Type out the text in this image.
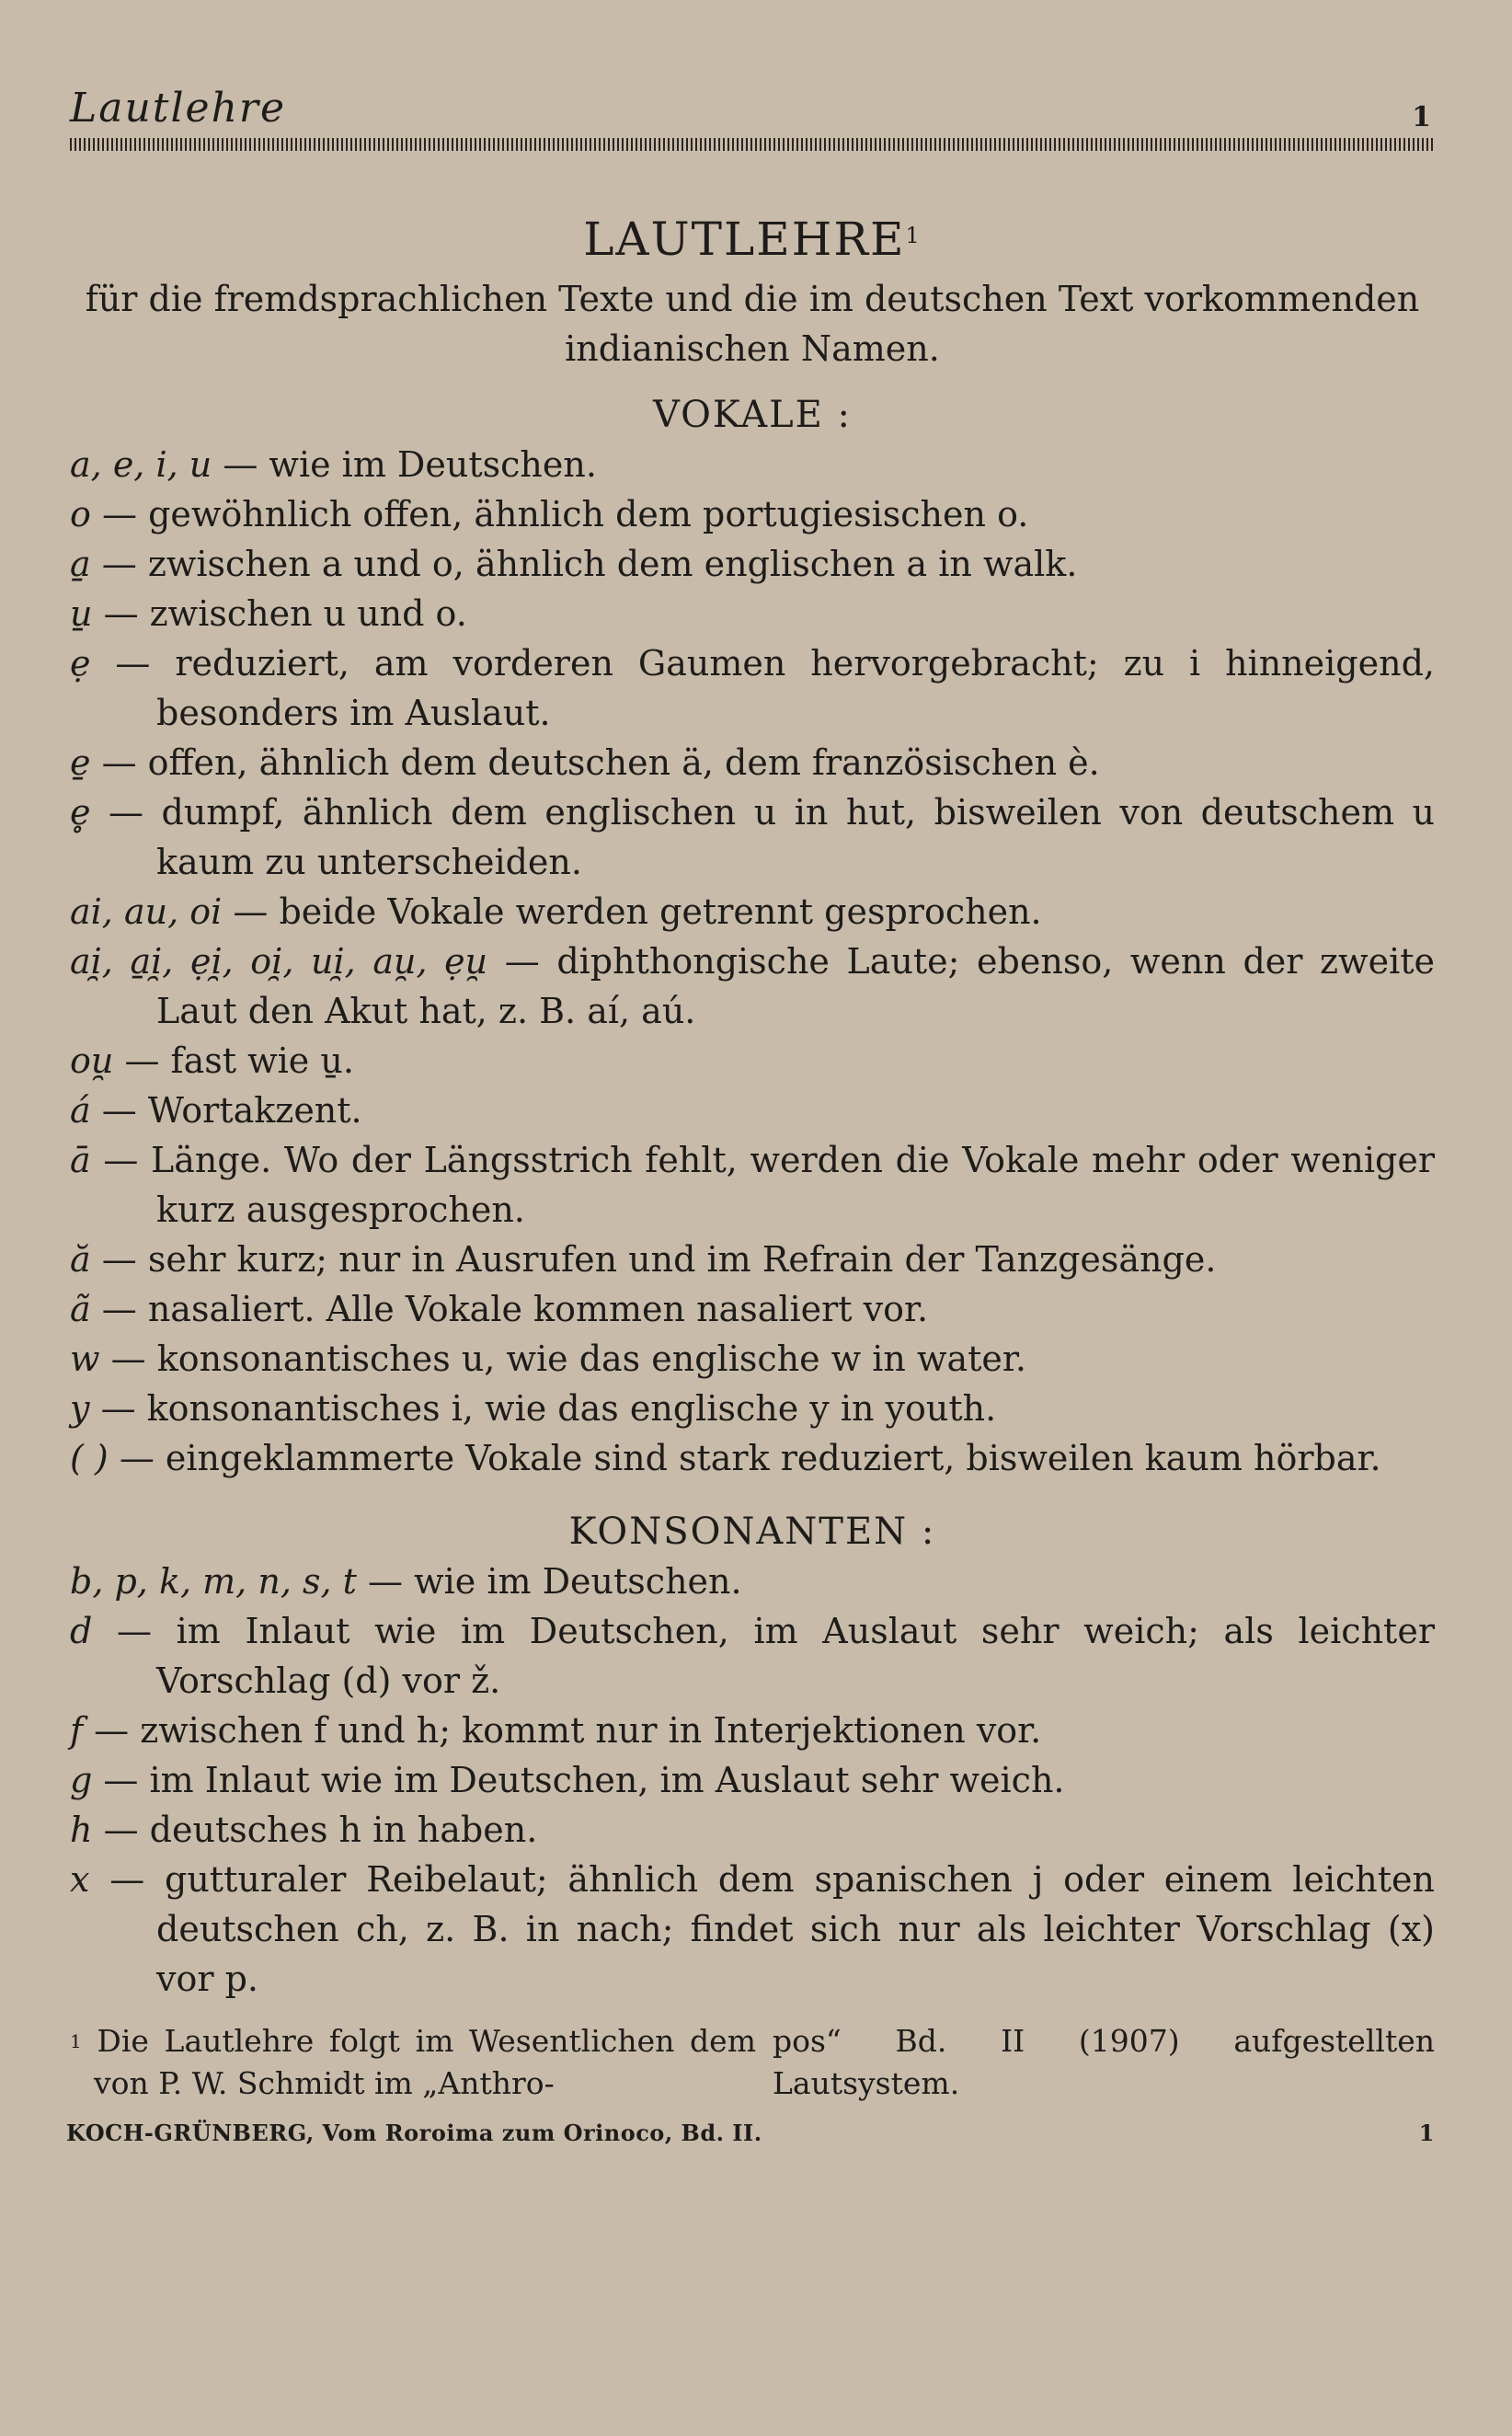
Lautlehre	1
LAUTLEHRE$^1$
für die fremdsprachlichen Texte und die im deutschen Text vorkommenden indianischen Namen.
VOKALE :
a, e, i, u — wie im Deutschen.
o — gewöhnlich offen, ähnlich dem portugiesischen o.
a̱ — zwischen a und o, ähnlich dem englischen a in walk.
u̱ — zwischen u und o.
ẹ — reduziert, am vorderen Gaumen hervorgebracht; zu i hinneigend, besonders im Auslaut.
e̱ — offen, ähnlich dem deutschen ä, dem französischen è.
e̥ — dumpf, ähnlich dem englischen u in hut, bisweilen von deutschem u kaum zu unterscheiden.
ai, au, oi — beide Vokale werden getrennt gesprochen.
ai̯, a̱i̯, ẹi̯, oi̯, ui̯, au̯, ẹu̯ — diphthongische Laute; ebenso, wenn der zweite Laut den Akut hat, z. B. aí, aú.
ou̯ — fast wie u̱.
á — Wortakzent.
ā — Länge. Wo der Längsstrich fehlt, werden die Vokale mehr oder weniger kurz ausgesprochen.
ă — sehr kurz; nur in Ausrufen und im Refrain der Tanzgesänge.
ã — nasaliert. Alle Vokale kommen nasaliert vor.
w — konsonantisches u, wie das englische w in water.
y — konsonantisches i, wie das englische y in youth.
( ) — eingeklammerte Vokale sind stark reduziert, bisweilen kaum hörbar.
KONSONANTEN :
b, p, k, m, n, s, t — wie im Deutschen.
d — im Inlaut wie im Deutschen, im Auslaut sehr weich; als leichter Vorschlag (d) vor ž.
f — zwischen f und h; kommt nur in Interjektionen vor.
g — im Inlaut wie im Deutschen, im Auslaut sehr weich.
h — deutsches h in haben.
x — gutturaler Reibelaut; ähnlich dem spanischen j oder einem leichten deutschen ch, z. B. in nach; findet sich nur als leichter Vorschlag (x) vor p.
$^1$ Die Lautlehre folgt im Wesentlichen dem von P. W. Schmidt im „Anthro-
pos“ Bd. II (1907) aufgestellten Lautsystem.
KOCH-GRÜNBERG, Vom Roroima zum Orinoco, Bd. II.	1
